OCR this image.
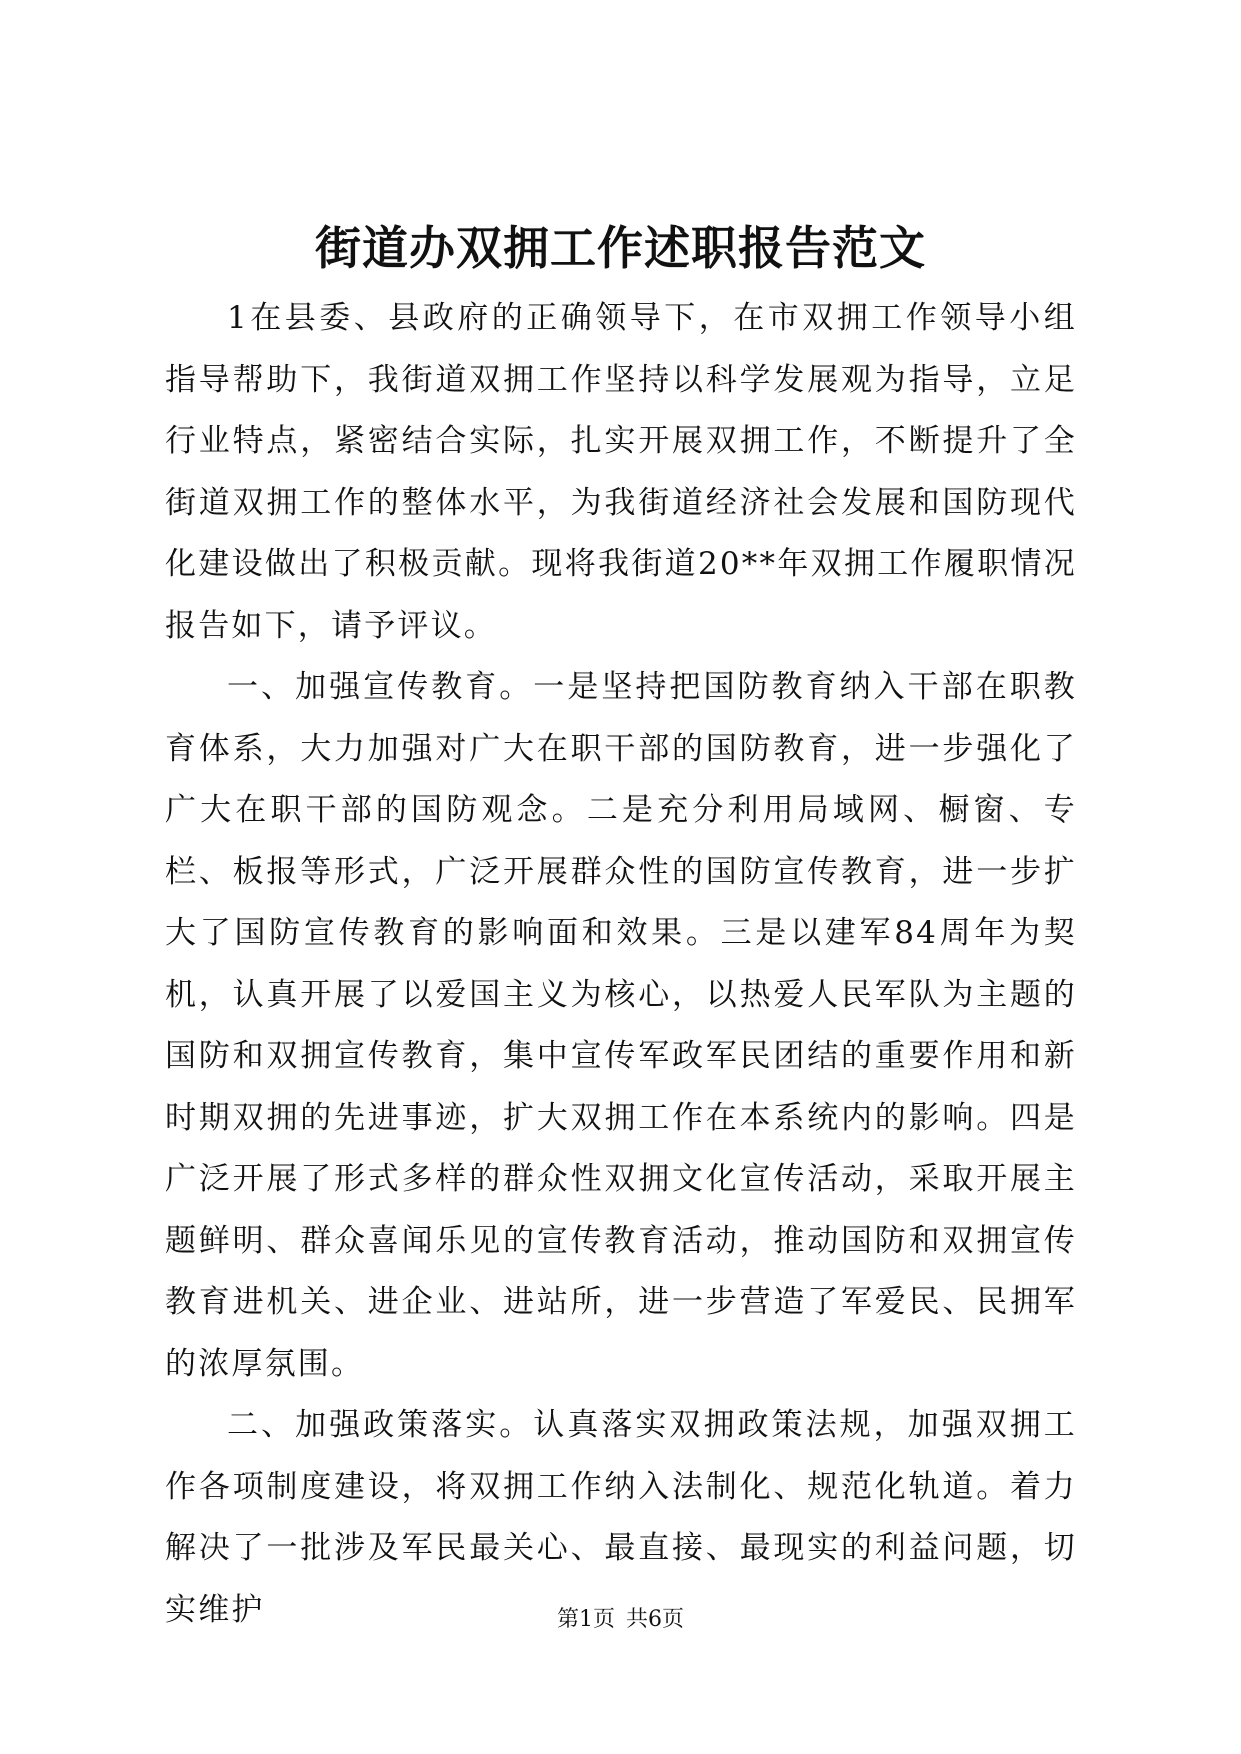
街道办双拥工作述职报告范文

1在县委、县政府的正确领导下，在市双拥工作领导小组指导帮助下，我街道双拥工作坚持以科学发展观为指导，立足行业特点，紧密结合实际，扎实开展双拥工作，不断提升了全街道双拥工作的整体水平，为我街道经济社会发展和国防现代化建设做出了积极贡献。现将我街道20**年双拥工作履职情况报告如下，请予评议。

一、加强宣传教育。一是坚持把国防教育纳入干部在职教育体系，大力加强对广大在职干部的国防教育，进一步强化了广大在职干部的国防观念。二是充分利用局域网、橱窗、专栏、板报等形式，广泛开展群众性的国防宣传教育，进一步扩大了国防宣传教育的影响面和效果。三是以建军84周年为契机，认真开展了以爱国主义为核心，以热爱人民军队为主题的国防和双拥宣传教育，集中宣传军政军民团结的重要作用和新时期双拥的先进事迹，扩大双拥工作在本系统内的影响。四是广泛开展了形式多样的群众性双拥文化宣传活动，采取开展主题鲜明、群众喜闻乐见的宣传教育活动，推动国防和双拥宣传教育进机关、进企业、进站所，进一步营造了军爱民、民拥军的浓厚氛围。

二、加强政策落实。认真落实双拥政策法规，加强双拥工作各项制度建设，将双拥工作纳入法制化、规范化轨道。着力解决了一批涉及军民最关心、最直接、最现实的利益问题，切实维护	第1页 共6页
